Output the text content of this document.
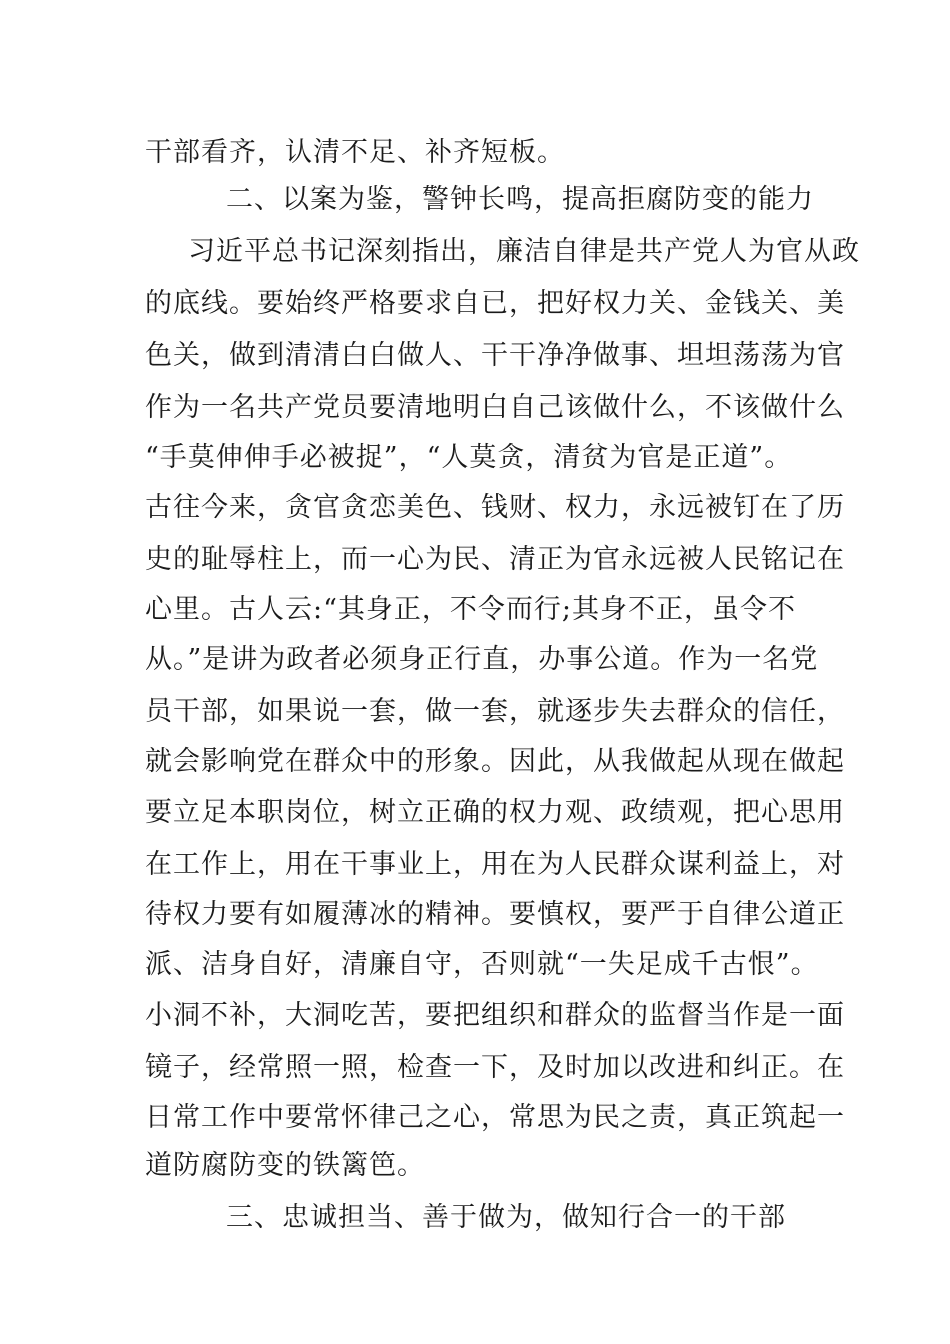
干部看齐，认清不足、补齐短板。
二、以案为鉴，警钟长鸣，提高拒腐防变的能力
习近平总书记深刻指出，廉洁自律是共产党人为官从政
的底线。要始终严格要求自已，把好权力关、金钱关、美
色关，做到清清白白做人、干干净净做事、坦坦荡荡为官
作为一名共产党员要清地明白自己该做什么，不该做什么
“手莫伸伸手必被捉”，“人莫贪，清贫为官是正道”。
古往今来，贪官贪恋美色、钱财、权力，永远被钉在了历
史的耻辱柱上，而一心为民、清正为官永远被人民铭记在
心里。古人云:“其身正，不令而行;其身不正，虽令不
从。”是讲为政者必须身正行直，办事公道。作为一名党
员干部，如果说一套，做一套，就逐步失去群众的信任，
就会影响党在群众中的形象。因此，从我做起从现在做起
要立足本职岗位，树立正确的权力观、政绩观，把心思用
在工作上，用在干事业上，用在为人民群众谋利益上，对
待权力要有如履薄冰的精神。要慎权，要严于自律公道正
派、洁身自好，清廉自守，否则就“一失足成千古恨”。
小洞不补，大洞吃苦，要把组织和群众的监督当作是一面
镜子，经常照一照，检查一下，及时加以改进和纠正。在
日常工作中要常怀律己之心，常思为民之责，真正筑起一
道防腐防变的铁篱笆。
三、忠诚担当、善于做为，做知行合一的干部
